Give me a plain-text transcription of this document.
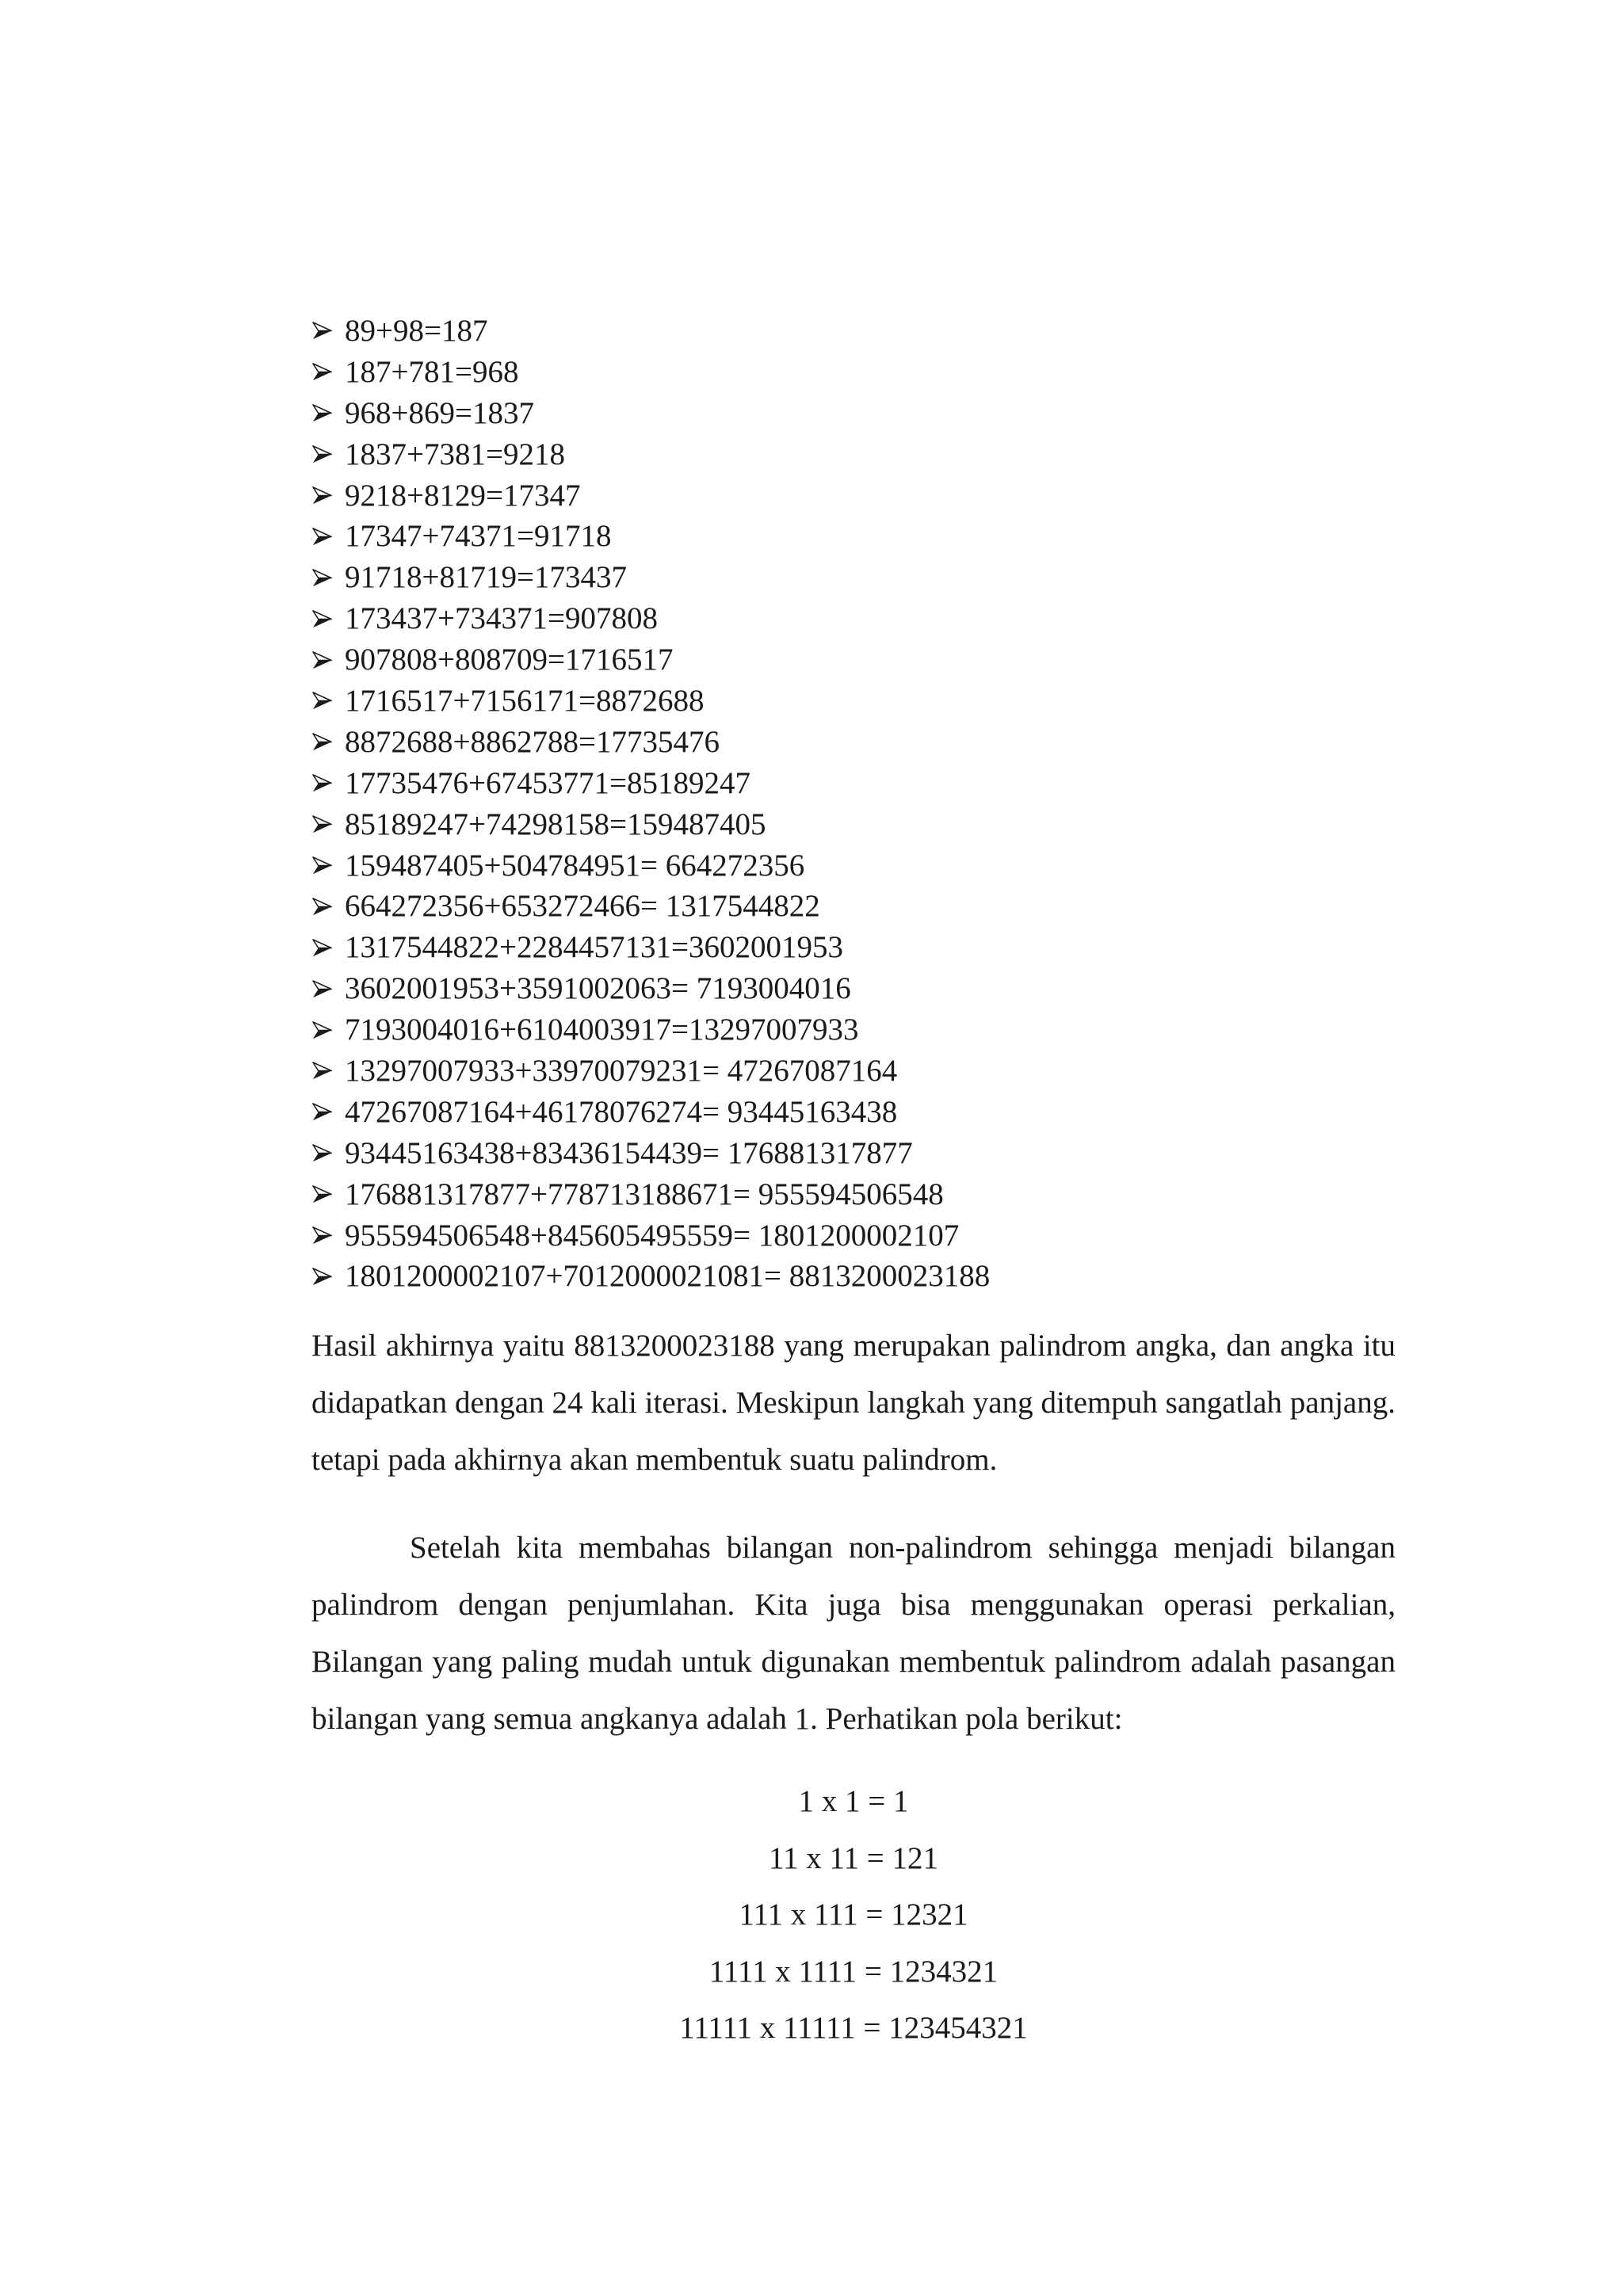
89+98=187
187+781=968
968+869=1837
1837+7381=9218
9218+8129=17347
17347+74371=91718
91718+81719=173437
173437+734371=907808
907808+808709=1716517
1716517+7156171=8872688
8872688+8862788=17735476
17735476+67453771=85189247
85189247+74298158=159487405
159487405+504784951= 664272356
664272356+653272466= 1317544822
1317544822+2284457131=3602001953
3602001953+3591002063= 7193004016
7193004016+6104003917=13297007933
13297007933+33970079231= 47267087164
47267087164+46178076274= 93445163438
93445163438+83436154439= 176881317877
176881317877+778713188671= 955594506548
955594506548+845605495559= 1801200002107
1801200002107+7012000021081= 8813200023188

Hasil akhirnya yaitu 8813200023188 yang merupakan palindrom angka, dan angka itu didapatkan dengan 24 kali iterasi. Meskipun langkah yang ditempuh sangatlah panjang. tetapi pada akhirnya akan membentuk suatu palindrom.

Setelah kita membahas bilangan non-palindrom sehingga menjadi bilangan palindrom dengan penjumlahan. Kita juga bisa menggunakan operasi perkalian, Bilangan yang paling mudah untuk digunakan membentuk palindrom adalah pasangan bilangan yang semua angkanya adalah 1. Perhatikan pola berikut:

1 x 1 = 1
11 x 11 = 121
111 x 111 = 12321
1111 x 1111 = 1234321
11111 x 11111 = 123454321
